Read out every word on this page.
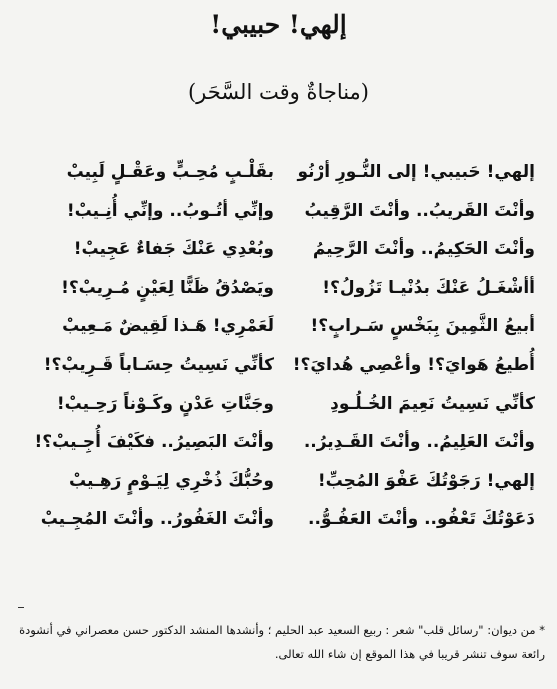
إلهي! حبيبي!
(مناجاةٌ وقت السَّحَر)
إلهي! حَبيبي! إلى النُّـورِ أرْنُو
بقَلْـبٍ مُحِـبٍّ وعَقْـلٍ لَبِيبْ
وأنْتَ القَريبُ.. وأنْتَ الرَّقِيبُ
وإنِّي أتُـوبُ.. وإنِّي أُنِـيبْ!
وأنْتَ الحَكِيمُ.. وأنْتَ الرَّحِيمُ
وبُعْدِي عَنْكَ جَفاءٌ عَجِيبْ!
أأشْغَـلُ عَنْكَ بدُنْيـا تَزُولُ؟!
ويَصْدُقُ ظَنًّا لِعَيْنٍ مُـرِيبْ؟!
أبيعُ الثَّمِينَ بِبَخْسٍ سَـرابٍ؟!
لَعَمْرِي! هَـذا لَقِيضٌ مَـعِيبْ
أُطيعُ هَوايَ؟! وأعْصِي هُدايَ؟!
كأنِّي نَسِيتُ حِسَـاباً قَـرِيبْ؟!
كأنِّي نَسِيتُ نَعِيمَ الخُـلُـودِ
وجَنَّاتِ عَدْنٍ وكَـوْناً رَحِـيبْ!
وأنْتَ العَلِيمُ.. وأنْتَ القَـدِيرُ..
وأنْتَ البَصِيرُ.. فكَيْفَ أُجِـيبْ؟!
إلهي! رَجَوْتُكَ عَفْوَ المُحِبِّ!
وحُبُّكَ ذُخْرِي لِيَـوْمٍ رَهِـيبْ
دَعَوْتُكَ تَعْفُو.. وأنْتَ العَفُـوُّ..
وأنْتَ الغَفُورُ.. وأنْتَ المُجِـيبْ
* من ديوان: "رسائل قلب" شعر : ربيع السعيد عبد الحليم ؛ وأنشدها المنشد الدكتور حسن معصراني في أنشودة رائعة سوف تنشر قريبا في هذا الموقع إن شاء الله تعالى.
